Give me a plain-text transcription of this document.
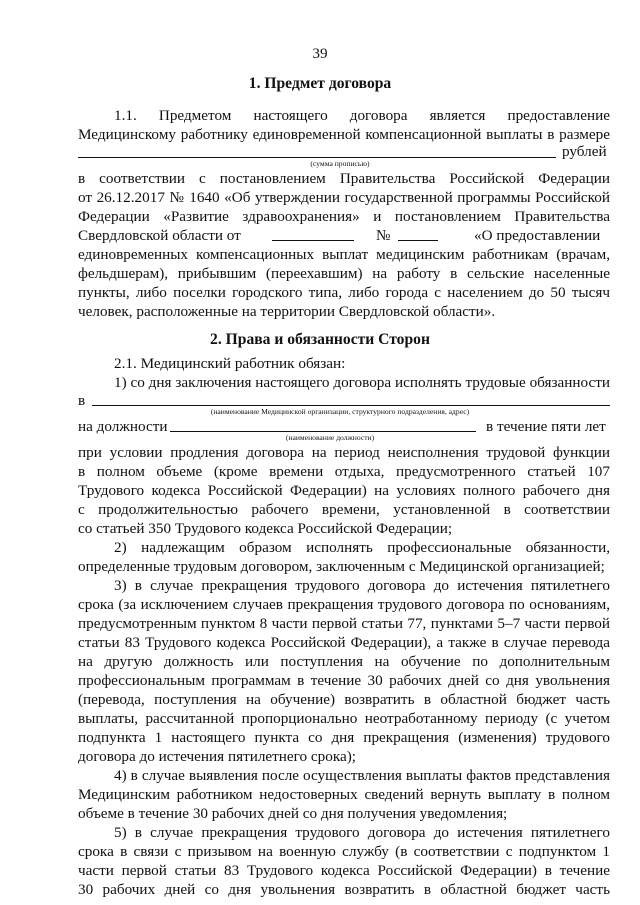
39
1. Предмет договора
1.1. Предметом настоящего договора является предоставление
Медицинскому работнику единовременной компенсационной выплаты в размере
рублей
(сумма прописью)
в соответствии с постановлением Правительства Российской Федерации
от 26.12.2017 № 1640 «Об утверждении государственной программы Российской
Федерации «Развитие здравоохранения» и постановлением Правительства
Свердловской области от	№	«О предоставлении
единовременных компенсационных выплат медицинским работникам (врачам,
фельдшерам), прибывшим (переехавшим) на работу в сельские населенные
пункты, либо поселки городского типа, либо города с населением до 50 тысяч
человек, расположенные на территории Свердловской области».
2. Права и обязанности Сторон
2.1. Медицинский работник обязан:
1) со дня заключения настоящего договора исполнять трудовые обязанности
в
(наименование Медицинской организации, структурного подразделения, адрес)
на должности	в течение пяти лет
(наименование должности)
при условии продления договора на период неисполнения трудовой функции
в полном объеме (кроме времени отдыха, предусмотренного статьей 107
Трудового кодекса Российской Федерации) на условиях полного рабочего дня
с продолжительностью рабочего времени, установленной в соответствии
со статьей 350 Трудового кодекса Российской Федерации;
2) надлежащим образом исполнять профессиональные обязанности,
определенные трудовым договором, заключенным с Медицинской организацией;
3) в случае прекращения трудового договора до истечения пятилетнего
срока (за исключением случаев прекращения трудового договора по основаниям,
предусмотренным пунктом 8 части первой статьи 77, пунктами 5–7 части первой
статьи 83 Трудового кодекса Российской Федерации), а также в случае перевода
на другую должность или поступления на обучение по дополнительным
профессиональным программам в течение 30 рабочих дней со дня увольнения
(перевода, поступления на обучение) возвратить в областной бюджет часть
выплаты, рассчитанной пропорционально неотработанному периоду (с учетом
подпункта 1 настоящего пункта со дня прекращения (изменения) трудового
договора до истечения пятилетнего срока);
4) в случае выявления после осуществления выплаты фактов представления
Медицинским работником недостоверных сведений вернуть выплату в полном
объеме в течение 30 рабочих дней со дня получения уведомления;
5) в случае прекращения трудового договора до истечения пятилетнего
срока в связи с призывом на военную службу (в соответствии с подпунктом 1
части первой статьи 83 Трудового кодекса Российской Федерации) в течение
30 рабочих дней со дня увольнения возвратить в областной бюджет часть
